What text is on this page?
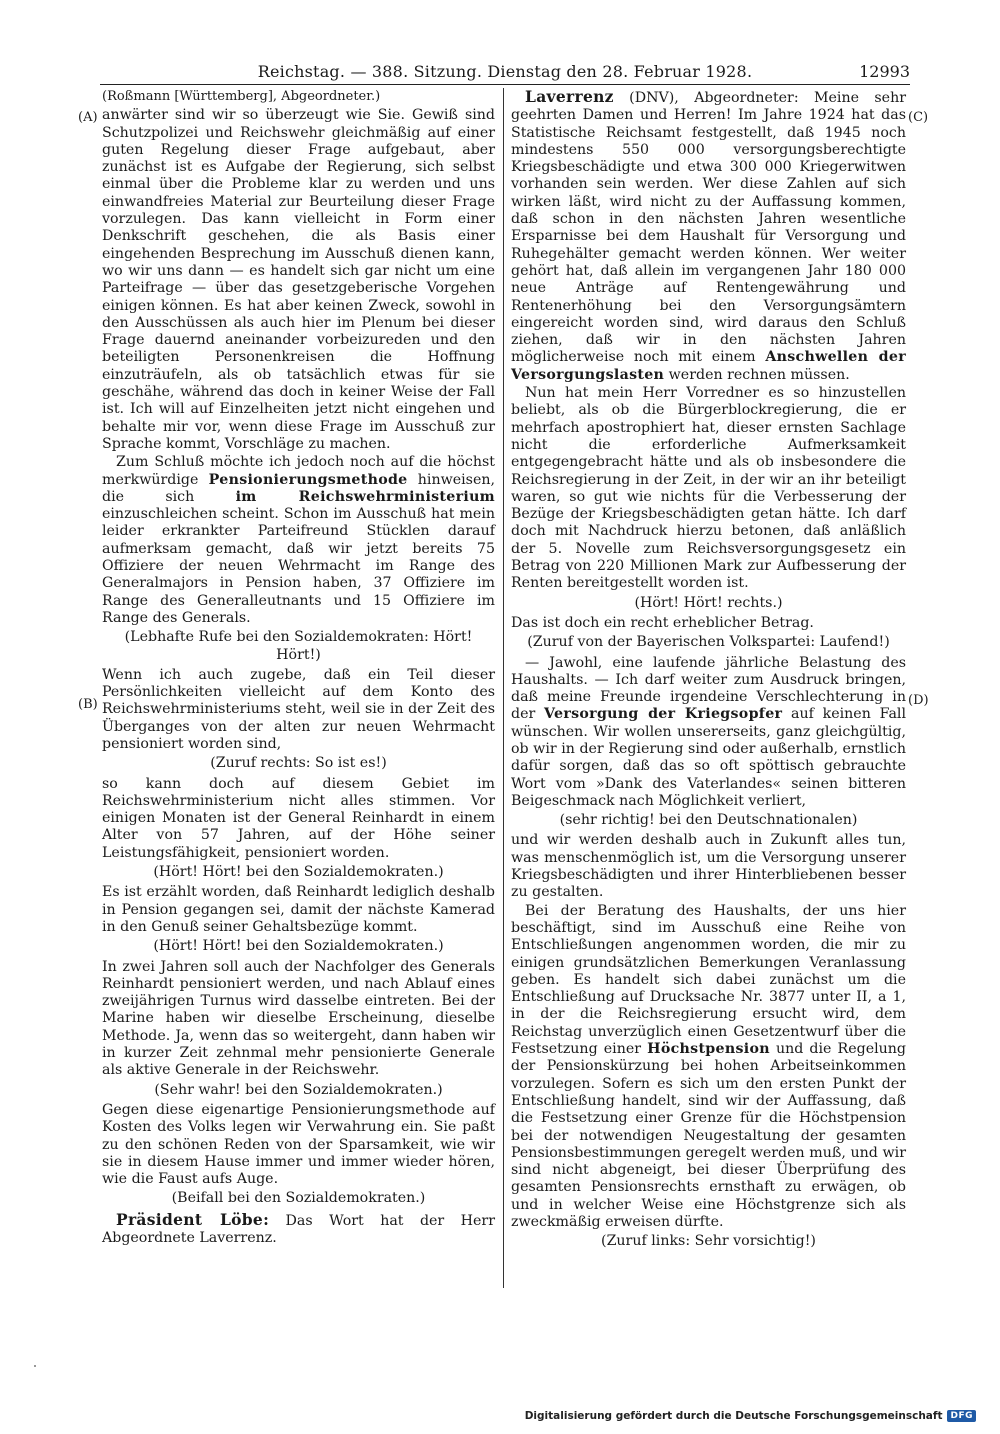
Reichstag. — 388. Sitzung. Dienstag den 28. Februar 1928.	12993
(A)
(B)
(C)
(D)

(Roßmann [Württemberg], Abgeordneter.)

anwärter sind wir so überzeugt wie Sie. Gewiß sind Schutzpolizei und Reichswehr gleichmäßig auf einer guten Regelung dieser Frage aufgebaut, aber zunächst ist es Aufgabe der Regierung, sich selbst einmal über die Probleme klar zu werden und uns einwandfreies Material zur Beurteilung dieser Frage vorzulegen. Das kann vielleicht in Form einer Denkschrift geschehen, die als Basis einer eingehenden Besprechung im Ausschuß dienen kann, wo wir uns dann — es handelt sich gar nicht um eine Parteifrage — über das gesetzgeberische Vorgehen einigen können. Es hat aber keinen Zweck, sowohl in den Ausschüssen als auch hier im Plenum bei dieser Frage dauernd aneinander vorbeizureden und den beteiligten Personenkreisen die Hoffnung einzuträufeln, als ob tatsächlich etwas für sie geschähe, während das doch in keiner Weise der Fall ist. Ich will auf Einzelheiten jetzt nicht eingehen und behalte mir vor, wenn diese Frage im Ausschuß zur Sprache kommt, Vorschläge zu machen.

Zum Schluß möchte ich jedoch noch auf die höchst merkwürdige Pensionierungsmethode hinweisen, die sich im Reichswehrministerium einzuschleichen scheint. Schon im Ausschuß hat mein leider erkrankter Parteifreund Stücklen darauf aufmerksam gemacht, daß wir jetzt bereits 75 Offiziere der neuen Wehrmacht im Range des Generalmajors in Pension haben, 37 Offiziere im Range des Generalleutnants und 15 Offiziere im Range des Generals.

(Lebhafte Rufe bei den Sozialdemokraten: Hört! Hört!)

Wenn ich auch zugebe, daß ein Teil dieser Persönlichkeiten vielleicht auf dem Konto des Reichswehrministeriums steht, weil sie in der Zeit des Überganges von der alten zur neuen Wehrmacht pensioniert worden sind,

(Zuruf rechts: So ist es!)

so kann doch auf diesem Gebiet im Reichswehrministerium nicht alles stimmen. Vor einigen Monaten ist der General Reinhardt in einem Alter von 57 Jahren, auf der Höhe seiner Leistungsfähigkeit, pensioniert worden.

(Hört! Hört! bei den Sozialdemokraten.)

Es ist erzählt worden, daß Reinhardt lediglich deshalb in Pension gegangen sei, damit der nächste Kamerad in den Genuß seiner Gehaltsbezüge kommt.

(Hört! Hört! bei den Sozialdemokraten.)

In zwei Jahren soll auch der Nachfolger des Generals Reinhardt pensioniert werden, und nach Ablauf eines zweijährigen Turnus wird dasselbe eintreten. Bei der Marine haben wir dieselbe Erscheinung, dieselbe Methode. Ja, wenn das so weitergeht, dann haben wir in kurzer Zeit zehnmal mehr pensionierte Generale als aktive Generale in der Reichswehr.

(Sehr wahr! bei den Sozialdemokraten.)

Gegen diese eigenartige Pensionierungsmethode auf Kosten des Volks legen wir Verwahrung ein. Sie paßt zu den schönen Reden von der Sparsamkeit, wie wir sie in diesem Hause immer und immer wieder hören, wie die Faust aufs Auge.

(Beifall bei den Sozialdemokraten.)

Präsident Löbe: Das Wort hat der Herr Abgeordnete Laverrenz.

Laverrenz (DNV), Abgeordneter: Meine sehr geehrten Damen und Herren! Im Jahre 1924 hat das Statistische Reichsamt festgestellt, daß 1945 noch mindestens 550 000 versorgungsberechtigte Kriegsbeschädigte und etwa 300 000 Kriegerwitwen vorhanden sein werden. Wer diese Zahlen auf sich wirken läßt, wird nicht zu der Auffassung kommen, daß schon in den nächsten Jahren wesentliche Ersparnisse bei dem Haushalt für Versorgung und Ruhegehälter gemacht werden können. Wer weiter gehört hat, daß allein im vergangenen Jahr 180 000 neue Anträge auf Rentengewährung und Rentenerhöhung bei den Versorgungsämtern eingereicht worden sind, wird daraus den Schluß ziehen, daß wir in den nächsten Jahren möglicherweise noch mit einem Anschwellen der Versorgungslasten werden rechnen müssen.

Nun hat mein Herr Vorredner es so hinzustellen beliebt, als ob die Bürgerblockregierung, die er mehrfach apostrophiert hat, dieser ernsten Sachlage nicht die erforderliche Aufmerksamkeit entgegengebracht hätte und als ob insbesondere die Reichsregierung in der Zeit, in der wir an ihr beteiligt waren, so gut wie nichts für die Verbesserung der Bezüge der Kriegsbeschädigten getan hätte. Ich darf doch mit Nachdruck hierzu betonen, daß anläßlich der 5. Novelle zum Reichsversorgungsgesetz ein Betrag von 220 Millionen Mark zur Aufbesserung der Renten bereitgestellt worden ist.

(Hört! Hört! rechts.)

Das ist doch ein recht erheblicher Betrag.

(Zuruf von der Bayerischen Volkspartei: Laufend!)

— Jawohl, eine laufende jährliche Belastung des Haushalts. — Ich darf weiter zum Ausdruck bringen, daß meine Freunde irgendeine Verschlechterung in der Versorgung der Kriegsopfer auf keinen Fall wünschen. Wir wollen unsererseits, ganz gleichgültig, ob wir in der Regierung sind oder außerhalb, ernstlich dafür sorgen, daß das so oft spöttisch gebrauchte Wort vom »Dank des Vaterlandes« seinen bitteren Beigeschmack nach Möglichkeit verliert,

(sehr richtig! bei den Deutschnationalen)

und wir werden deshalb auch in Zukunft alles tun, was menschenmöglich ist, um die Versorgung unserer Kriegsbeschädigten und ihrer Hinterbliebenen besser zu gestalten.

Bei der Beratung des Haushalts, der uns hier beschäftigt, sind im Ausschuß eine Reihe von Entschließungen angenommen worden, die mir zu einigen grundsätzlichen Bemerkungen Veranlassung geben. Es handelt sich dabei zunächst um die Entschließung auf Drucksache Nr. 3877 unter II, a 1, in der die Reichsregierung ersucht wird, dem Reichstag unverzüglich einen Gesetzentwurf über die Festsetzung einer Höchstpension und die Regelung der Pensionskürzung bei hohen Arbeitseinkommen vorzulegen. Sofern es sich um den ersten Punkt der Entschließung handelt, sind wir der Auffassung, daß die Festsetzung einer Grenze für die Höchstpension bei der notwendigen Neugestaltung der gesamten Pensionsbestimmungen geregelt werden muß, und wir sind nicht abgeneigt, bei dieser Überprüfung des gesamten Pensionsrechts ernsthaft zu erwägen, ob und in welcher Weise eine Höchstgrenze sich als zweckmäßig erweisen dürfte.

(Zuruf links: Sehr vorsichtig!)

Digitalisierung gefördert durch die Deutsche Forschungsgemeinschaft DFG
